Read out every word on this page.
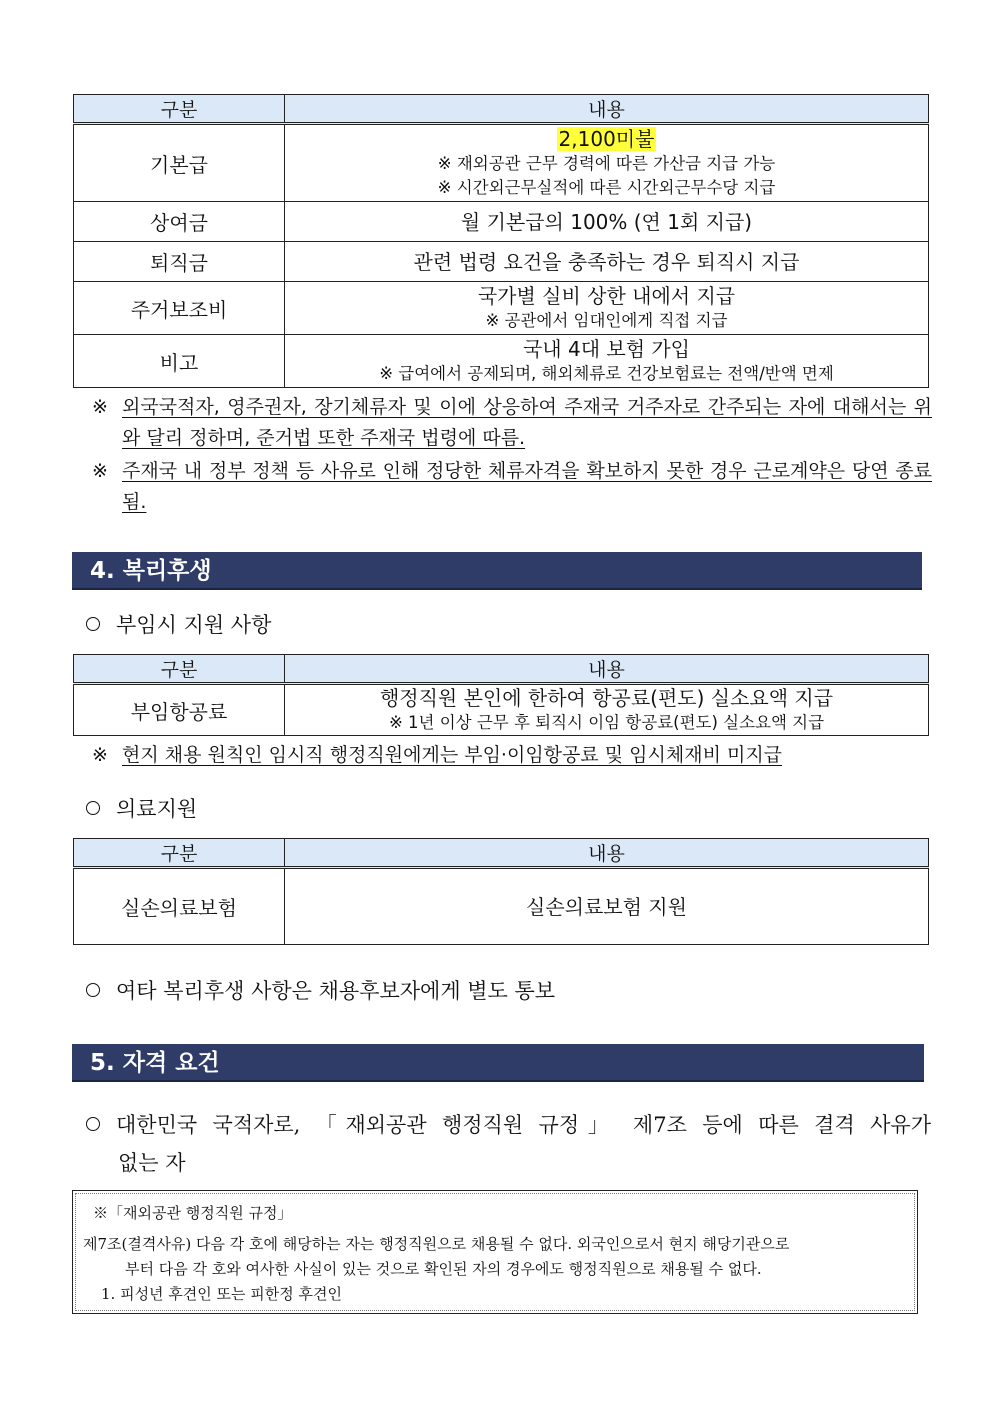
구분	내용
기본급	2,100미불
※ 재외공관 근무 경력에 따른 가산금 지급 가능
※ 시간외근무실적에 따른 시간외근무수당 지급

상여금	월 기본급의 100% (연 1회 지급)
퇴직금	관련 법령 요건을 충족하는 경우 퇴직시 지급
주거보조비	국가별 실비 상한 내에서 지급
※ 공관에서 임대인에게 직접 지급

비고	국내 4대 보험 가입
※ 급여에서 공제되며, 해외체류로 건강보험료는 전액/반액 면제
※ 외국국적자, 영주권자, 장기체류자 및 이에 상응하여 주재국 거주자로 간주되는 자에 대해서는 위와 달리 정하며, 준거법 또한 주재국 법령에 따름.
※ 주재국 내 정부 정책 등 사유로 인해 정당한 체류자격을 확보하지 못한 경우 근로계약은 당연 종료됨.
4. 복리후생
부임시 지원 사항
구분	내용
부임항공료	행정직원 본인에 한하여 항공료(편도) 실소요액 지급
※ 1년 이상 근무 후 퇴직시 이임 항공료(편도) 실소요액 지급
※ 현지 채용 원칙인 임시직 행정직원에게는 부임·이임항공료 및 임시체재비 미지급
의료지원
구분	내용
실손의료보험	실손의료보험 지원
여타 복리후생 사항은 채용후보자에게 별도 통보
5. 자격 요건
대한민국 국적자로, 「재외공관 행정직원 규정」 제7조 등에 따른 결격 사유가
없는 자
※「재외공관 행정직원 규정」
제7조(결격사유) 다음 각 호에 해당하는 자는 행정직원으로 채용될 수 없다. 외국인으로서 현지 해당기관으로
부터 다음 각 호와 여사한 사실이 있는 것으로 확인된 자의 경우에도 행정직원으로 채용될 수 없다.
1. 피성년 후견인 또는 피한정 후견인
